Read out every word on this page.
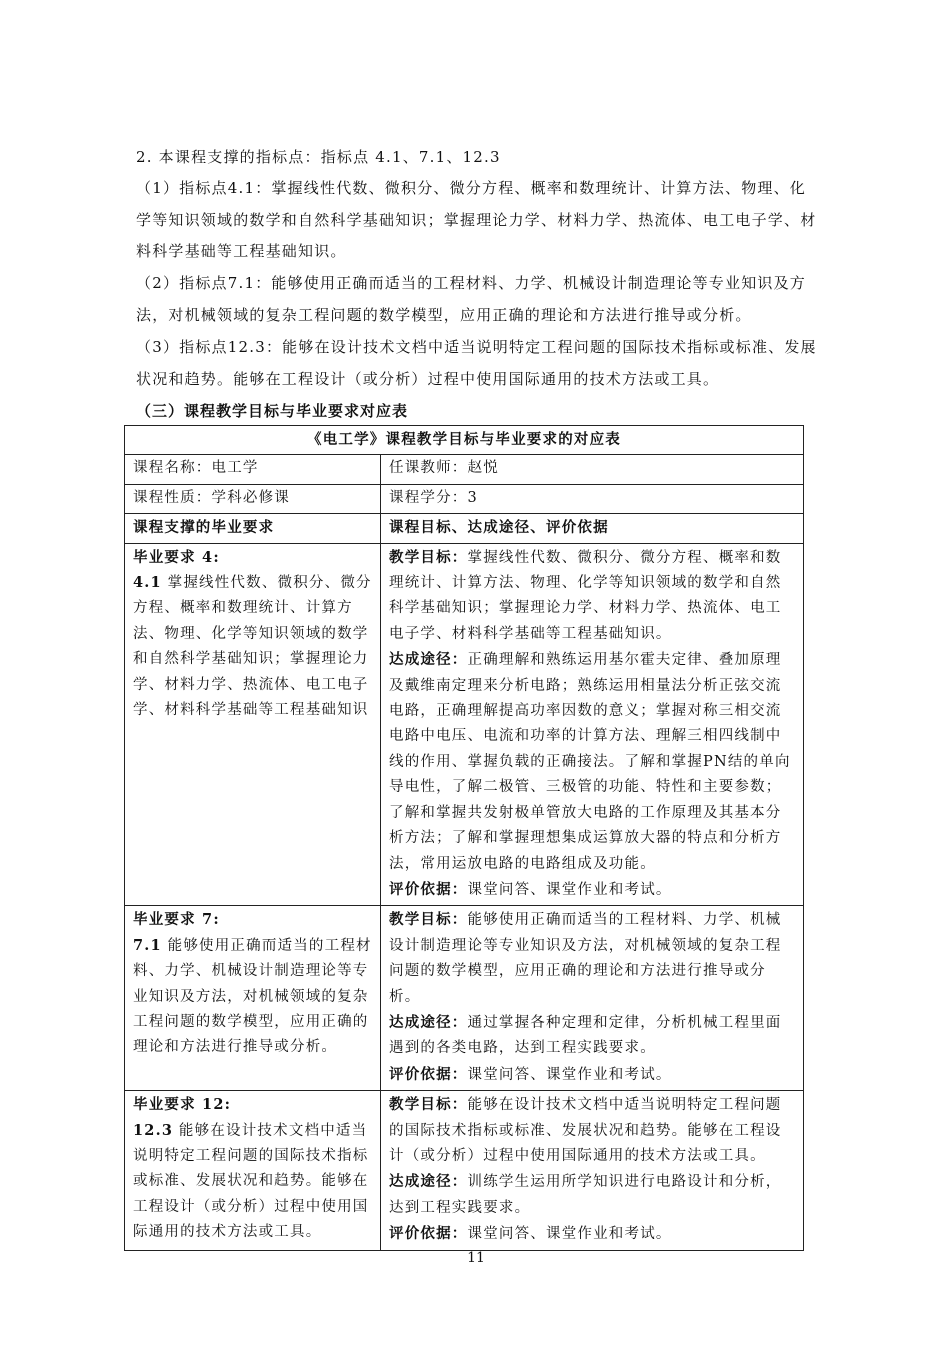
2. 本课程支撑的指标点：指标点 4.1、7.1、12.3

（1）指标点4.1：掌握线性代数、微积分、微分方程、概率和数理统计、计算方法、物理、化学等知识领域的数学和自然科学基础知识；掌握理论力学、材料力学、热流体、电工电子学、材料科学基础等工程基础知识。

（2）指标点7.1：能够使用正确而适当的工程材料、力学、机械设计制造理论等专业知识及方法，对机械领域的复杂工程问题的数学模型，应用正确的理论和方法进行推导或分析。

（3）指标点12.3：能够在设计技术文档中适当说明特定工程问题的国际技术指标或标准、发展状况和趋势。能够在工程设计（或分析）过程中使用国际通用的技术方法或工具。

（三）课程教学目标与毕业要求对应表
《电工学》课程教学目标与毕业要求的对应表	
课程名称：电工学	任课教师：赵悦
课程性质：学科必修课	课程学分：3
课程支撑的毕业要求	课程目标、达成途径、评价依据

毕业要求 4:
4.1 掌握线性代数、微积分、微分方程、概率和数理统计、计算方法、物理、化学等知识领域的数学和自然科学基础知识；掌握理论力学、材料力学、热流体、电工电子学、材料科学基础等工程基础知识	教学目标：掌握线性代数、微积分、微分方程、概率和数理统计、计算方法、物理、化学等知识领域的数学和自然科学基础知识；掌握理论力学、材料力学、热流体、电工电子学、材料科学基础等工程基础知识。
达成途径：正确理解和熟练运用基尔霍夫定律、叠加原理及戴维南定理来分析电路；熟练运用相量法分析正弦交流电路，正确理解提高功率因数的意义；掌握对称三相交流电路中电压、电流和功率的计算方法、理解三相四线制中线的作用、掌握负载的正确接法。了解和掌握PN结的单向导电性，了解二极管、三极管的功能、特性和主要参数；了解和掌握共发射极单管放大电路的工作原理及其基本分析方法；了解和掌握理想集成运算放大器的特点和分析方法，常用运放电路的电路组成及功能。
评价依据：课堂问答、课堂作业和考试。

毕业要求 7:
7.1 能够使用正确而适当的工程材料、力学、机械设计制造理论等专业知识及方法，对机械领域的复杂工程问题的数学模型，应用正确的理论和方法进行推导或分析。	教学目标：能够使用正确而适当的工程材料、力学、机械设计制造理论等专业知识及方法，对机械领域的复杂工程问题的数学模型，应用正确的理论和方法进行推导或分析。
达成途径：通过掌握各种定理和定律，分析机械工程里面遇到的各类电路，达到工程实践要求。
评价依据：课堂问答、课堂作业和考试。

毕业要求 12:
12.3 能够在设计技术文档中适当说明特定工程问题的国际技术指标或标准、发展状况和趋势。能够在工程设计（或分析）过程中使用国际通用的技术方法或工具。	教学目标：能够在设计技术文档中适当说明特定工程问题的国际技术指标或标准、发展状况和趋势。能够在工程设计（或分析）过程中使用国际通用的技术方法或工具。
达成途径：训练学生运用所学知识进行电路设计和分析，达到工程实践要求。
评价依据：课堂问答、课堂作业和考试。
11
